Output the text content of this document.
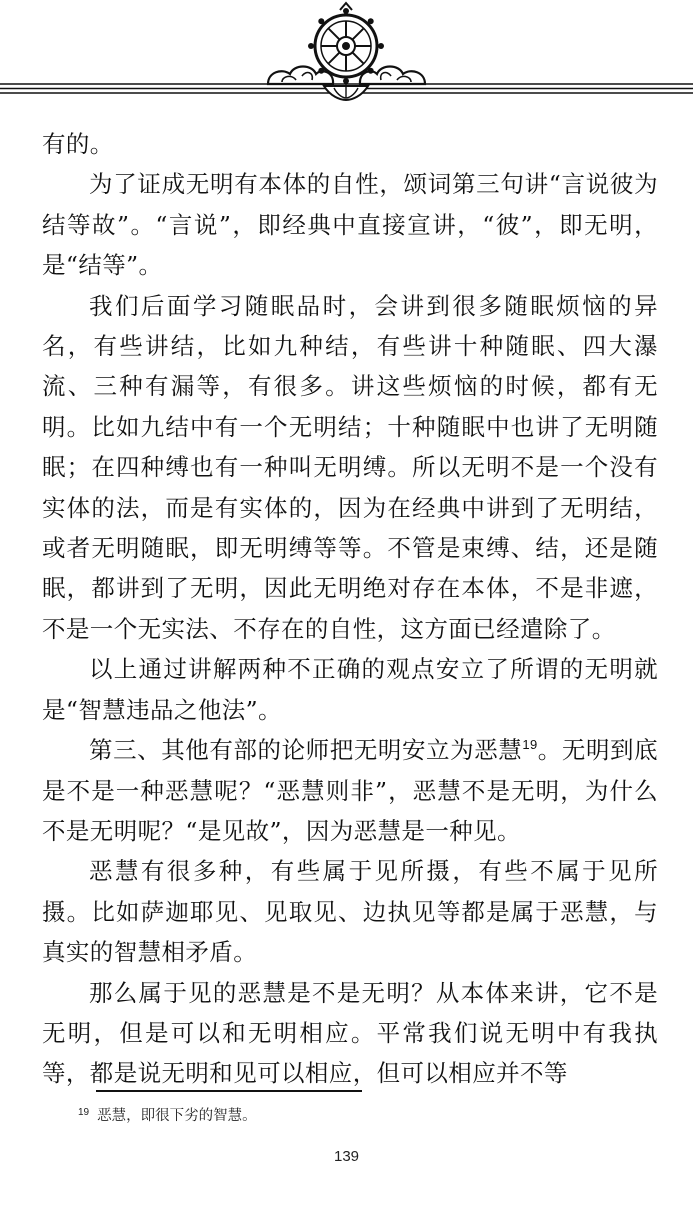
有的。

为了证成无明有本体的自性，颂词第三句讲“言说彼为结等故”。“言说”，即经典中直接宣讲，“彼”，即无明，是“结等”。

我们后面学习随眠品时，会讲到很多随眠烦恼的异名，有些讲结，比如九种结，有些讲十种随眠、四大瀑流、三种有漏等，有很多。讲这些烦恼的时候，都有无明。比如九结中有一个无明结；十种随眠中也讲了无明随眠；在四种缚也有一种叫无明缚。所以无明不是一个没有实体的法，而是有实体的，因为在经典中讲到了无明结，或者无明随眠，即无明缚等等。不管是束缚、结，还是随眠，都讲到了无明，因此无明绝对存在本体，不是非遮，不是一个无实法、不存在的自性，这方面已经遣除了。

以上通过讲解两种不正确的观点安立了所谓的无明就是“智慧违品之他法”。

第三、其他有部的论师把无明安立为恶慧$^{19}$。无明到底是不是一种恶慧呢？“恶慧则非”，恶慧不是无明，为什么不是无明呢？“是见故”，因为恶慧是一种见。

恶慧有很多种，有些属于见所摄，有些不属于见所摄。比如萨迦耶见、见取见、边执见等都是属于恶慧，与真实的智慧相矛盾。

那么属于见的恶慧是不是无明？从本体来讲，它不是无明，但是可以和无明相应。平常我们说无明中有我执等，都是说无明和见可以相应，但可以相应并不等

$^{19}$ 恶慧，即很下劣的智慧。
139
